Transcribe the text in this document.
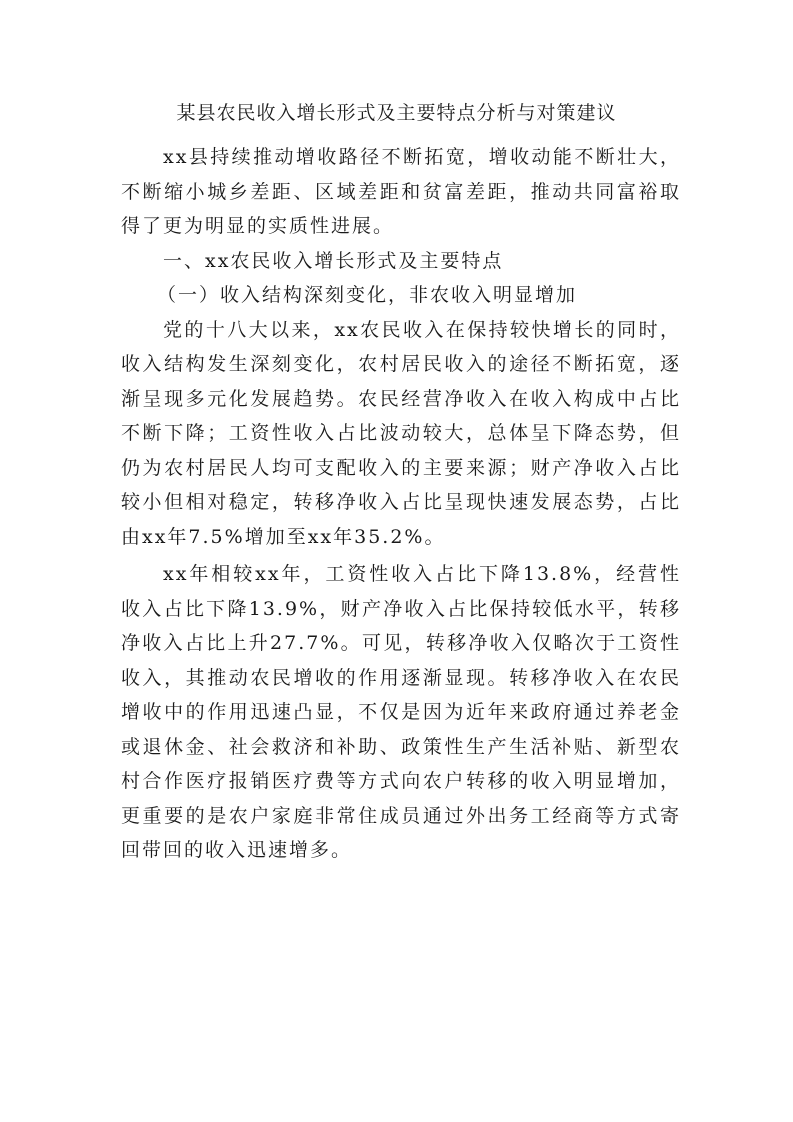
某县农民收入增长形式及主要特点分析与对策建议

xx县持续推动增收路径不断拓宽，增收动能不断壮大，不断缩小城乡差距、区域差距和贫富差距，推动共同富裕取得了更为明显的实质性进展。

一、xx农民收入增长形式及主要特点

（一）收入结构深刻变化，非农收入明显增加

党的十八大以来，xx农民收入在保持较快增长的同时，收入结构发生深刻变化，农村居民收入的途径不断拓宽，逐渐呈现多元化发展趋势。农民经营净收入在收入构成中占比不断下降；工资性收入占比波动较大，总体呈下降态势，但仍为农村居民人均可支配收入的主要来源；财产净收入占比较小但相对稳定，转移净收入占比呈现快速发展态势，占比由xx年7.5%增加至xx年35.2%。

xx年相较xx年，工资性收入占比下降13.8%，经营性收入占比下降13.9%，财产净收入占比保持较低水平，转移净收入占比上升27.7%。可见，转移净收入仅略次于工资性收入，其推动农民增收的作用逐渐显现。转移净收入在农民增收中的作用迅速凸显，不仅是因为近年来政府通过养老金或退休金、社会救济和补助、政策性生产生活补贴、新型农村合作医疗报销医疗费等方式向农户转移的收入明显增加，更重要的是农户家庭非常住成员通过外出务工经商等方式寄回带回的收入迅速增多。
